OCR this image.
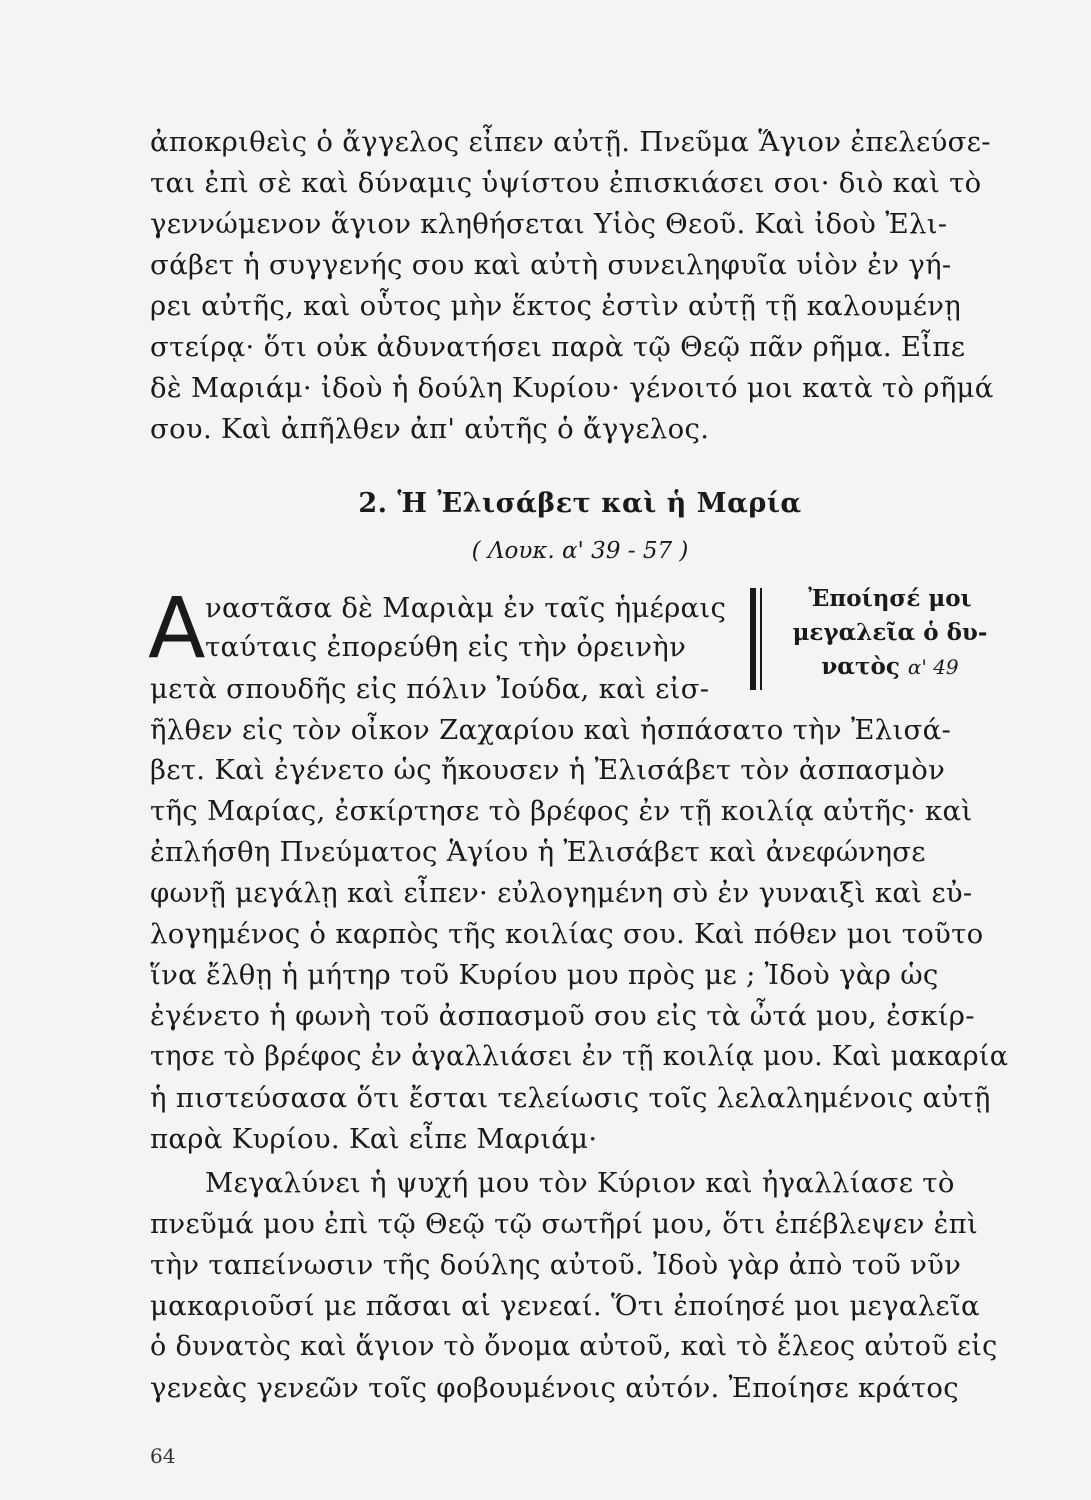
ἀποκριθεὶς ὁ ἄγγελος εἶπεν αὐτῇ. Πνεῦμα Ἅγιον ἐπελεύσε-
ται ἐπὶ σὲ καὶ δύναμις ὑψίστου ἐπισκιάσει σοι· διὸ καὶ τὸ
γεννώμενον ἅγιον κληθήσεται Υἱὸς Θεοῦ. Καὶ ἰδοὺ Ἐλι-
σάβετ ἡ συγγενής σου καὶ αὐτὴ συνειληφυῖα υἱὸν ἐν γή-
ρει αὐτῆς, καὶ οὗτος μὴν ἕκτος ἐστὶν αὐτῇ τῇ καλουμένῃ
στείρᾳ· ὅτι οὐκ ἀδυνατήσει παρὰ τῷ Θεῷ πᾶν ρῆμα. Εἶπε
δὲ Μαριάμ· ἰδοὺ ἡ δούλη Κυρίου· γένοιτό μοι κατὰ τὸ ρῆμά
σου. Καὶ ἀπῆλθεν ἀπ' αὐτῆς ὁ ἄγγελος.
2. Ἡ Ἐλισάβετ καὶ ἡ Μαρία
( Λουκ. α' 39 - 57 )
Α ναστᾶσα δὲ Μαριὰμ ἐν ταῖς ἡμέραις
ταύταις ἐπορεύθη εἰς τὴν ὀρεινὴν
μετὰ σπουδῆς εἰς πόλιν Ἰούδα, καὶ εἰσ-
Ἐποίησέ μοι
μεγαλεῖα ὁ δυ-
νατὸς α' 49
ῆλθεν εἰς τὸν οἶκον Ζαχαρίου καὶ ἠσπάσατο τὴν Ἐλισά-
βετ. Καὶ ἐγένετο ὡς ἤκουσεν ἡ Ἐλισάβετ τὸν ἀσπασμὸν
τῆς Μαρίας, ἐσκίρτησε τὸ βρέφος ἐν τῇ κοιλίᾳ αὐτῆς· καὶ
ἐπλήσθη Πνεύματος Ἁγίου ἡ Ἐλισάβετ καὶ ἀνεφώνησε
φωνῇ μεγάλῃ καὶ εἶπεν· εὐλογημένη σὺ ἐν γυναιξὶ καὶ εὐ-
λογημένος ὁ καρπὸς τῆς κοιλίας σου. Καὶ πόθεν μοι τοῦτο
ἵνα ἔλθῃ ἡ μήτηρ τοῦ Κυρίου μου πρὸς με ; Ἰδοὺ γὰρ ὡς
ἐγένετο ἡ φωνὴ τοῦ ἀσπασμοῦ σου εἰς τὰ ὦτά μου, ἐσκίρ-
τησε τὸ βρέφος ἐν ἀγαλλιάσει ἐν τῇ κοιλίᾳ μου. Καὶ μακαρία
ἡ πιστεύσασα ὅτι ἔσται τελείωσις τοῖς λελαλημένοις αὐτῇ
παρὰ Κυρίου. Καὶ εἶπε Μαριάμ·
Μεγαλύνει ἡ ψυχή μου τὸν Κύριον καὶ ἠγαλλίασε τὸ
πνεῦμά μου ἐπὶ τῷ Θεῷ τῷ σωτῆρί μου, ὅτι ἐπέβλεψεν ἐπὶ
τὴν ταπείνωσιν τῆς δούλης αὐτοῦ. Ἰδοὺ γὰρ ἀπὸ τοῦ νῦν
μακαριοῦσί με πᾶσαι αἱ γενεαί. Ὅτι ἐποίησέ μοι μεγαλεῖα
ὁ δυνατὸς καὶ ἅγιον τὸ ὄνομα αὐτοῦ, καὶ τὸ ἔλεος αὐτοῦ εἰς
γενεὰς γενεῶν τοῖς φοβουμένοις αὐτόν. Ἐποίησε κράτος
64
